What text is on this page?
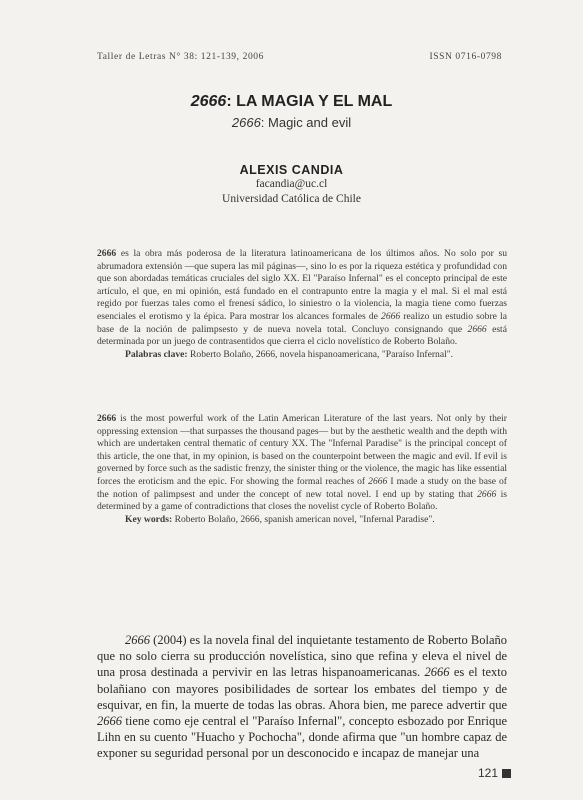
Taller de Letras N° 38: 121-139, 2006	ISSN 0716-0798
2666: LA MAGIA Y EL MAL
2666: Magic and evil
ALEXIS CANDIA
facandia@uc.cl
Universidad Católica de Chile

2666 es la obra más poderosa de la literatura latinoamericana de los últimos años. No solo por su abrumadora extensión —que supera las mil páginas—, sino lo es por la riqueza estética y profundidad con que son abordadas temáticas cruciales del siglo XX. El "Paraíso Infernal" es el concepto principal de este artículo, el que, en mi opinión, está fundado en el contrapunto entre la magia y el mal. Si el mal está regido por fuerzas tales como el frenesí sádico, lo siniestro o la violencia, la magia tiene como fuerzas esenciales el erotismo y la épica. Para mostrar los alcances formales de 2666 realizo un estudio sobre la base de la noción de palimpsesto y de nueva novela total. Concluyo consignando que 2666 está determinada por un juego de contrasentidos que cierra el ciclo novelístico de Roberto Bolaño.

Palabras clave: Roberto Bolaño, 2666, novela hispanoamericana, "Paraíso Infernal".

2666 is the most powerful work of the Latin American Literature of the last years. Not only by their oppressing extension —that surpasses the thousand pages— but by the aesthetic wealth and the depth with which are undertaken central thematic of century XX. The "Infernal Paradise" is the principal concept of this article, the one that, in my opinion, is based on the counterpoint between the magic and evil. If evil is governed by force such as the sadistic frenzy, the sinister thing or the violence, the magic has like essential forces the eroticism and the epic. For showing the formal reaches of 2666 I made a study on the base of the notion of palimpsest and under the concept of new total novel. I end up by stating that 2666 is determined by a game of contradictions that closes the novelist cycle of Roberto Bolaño.

Key words: Roberto Bolaño, 2666, spanish american novel, "Infernal Paradise".

2666 (2004) es la novela final del inquietante testamento de Roberto Bolaño que no solo cierra su producción novelística, sino que refina y eleva el nivel de una prosa destinada a pervivir en las letras hispanoamericanas. 2666 es el texto bolañiano con mayores posibilidades de sortear los embates del tiempo y de esquivar, en fin, la muerte de todas las obras. Ahora bien, me parece advertir que 2666 tiene como eje central el "Paraíso Infernal", concepto esbozado por Enrique Lihn en su cuento "Huacho y Pochocha", donde afirma que "un hombre capaz de exponer su seguridad personal por un desconocido e incapaz de manejar una

121
